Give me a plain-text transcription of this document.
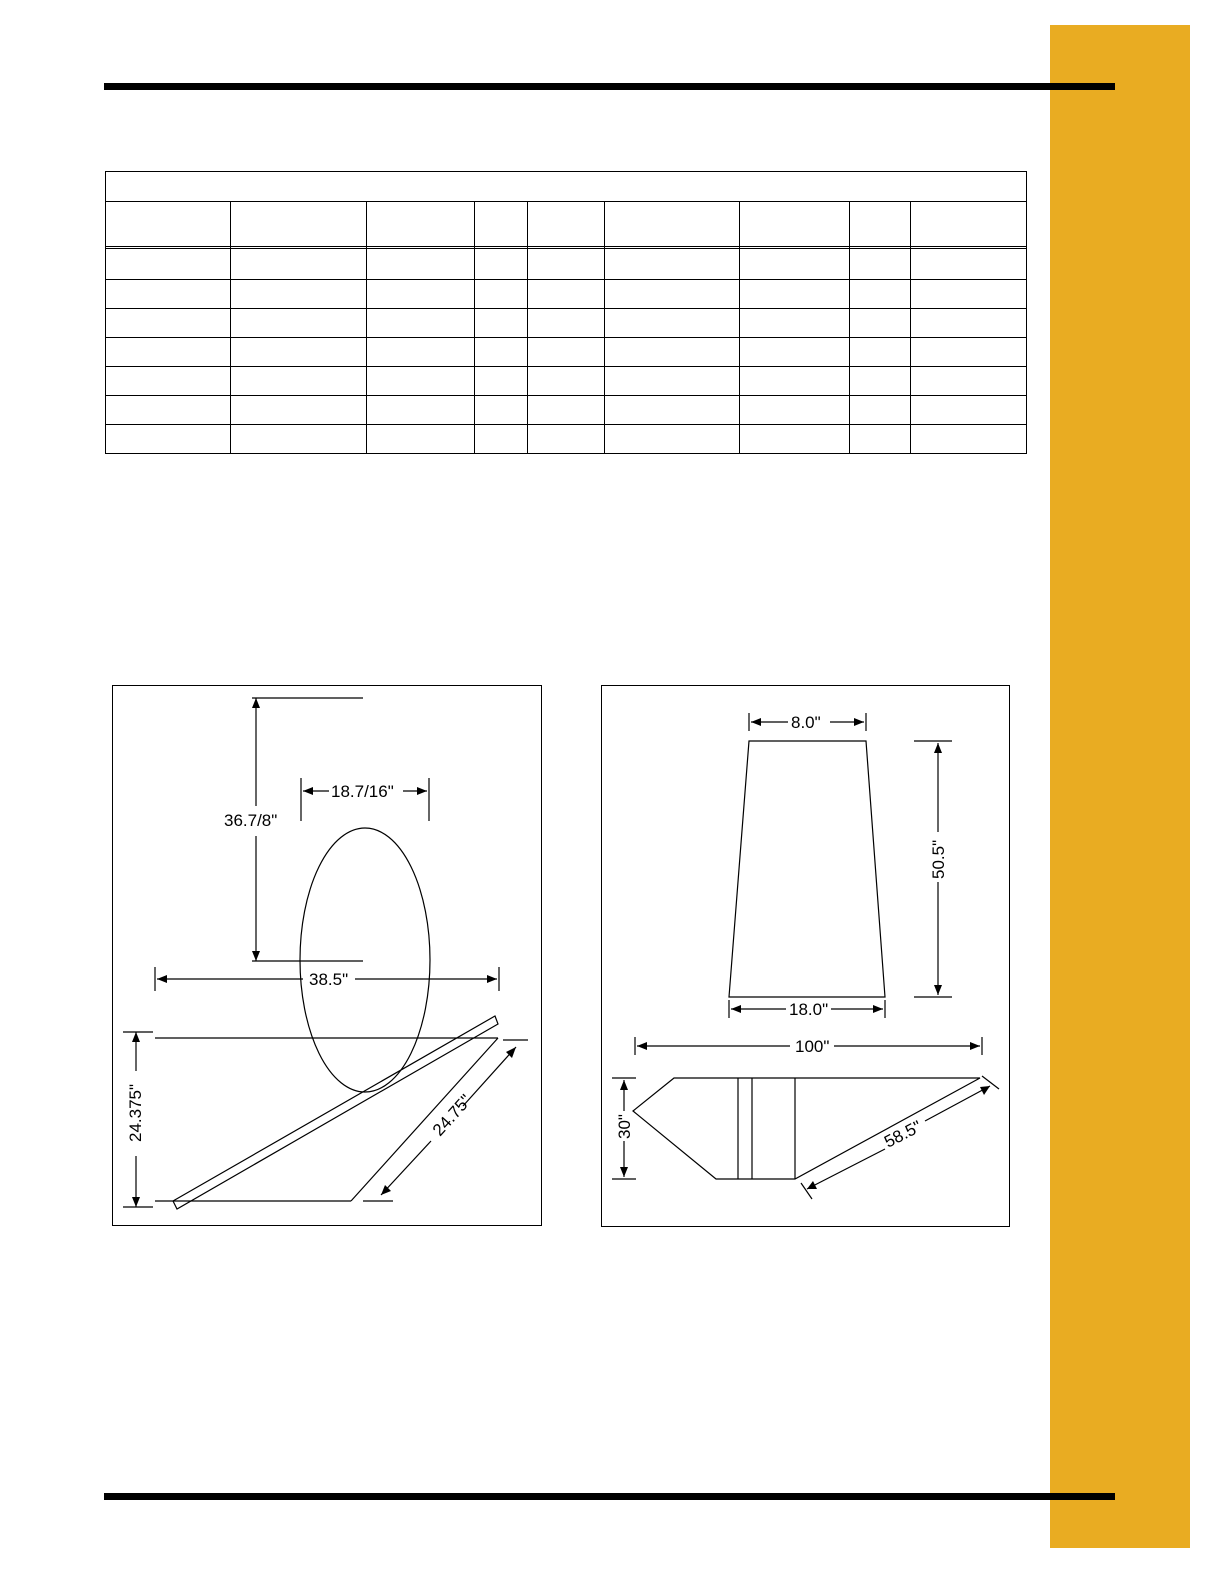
36.7/8"
18.7/16"
38.5"
24.375"	24.75"
8.0"
50.5"
18.0"
100"
30"	58.5"
